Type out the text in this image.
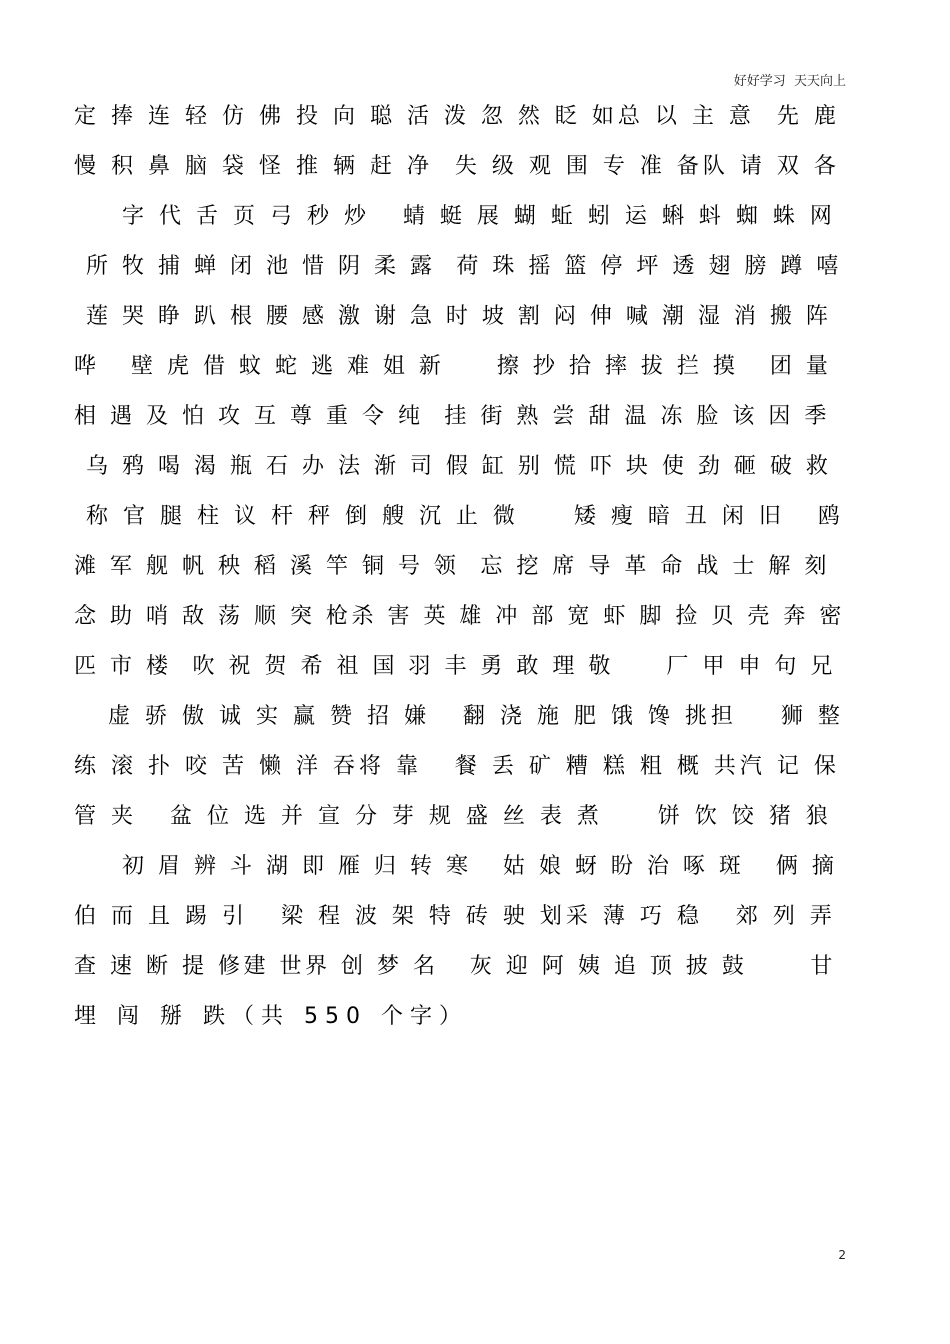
好好学习  天天向上
定 捧 连 轻 仿 佛 投 向 聪 活 泼 忽 然 眨 如总 以 主 意  先 鹿
慢 积 鼻 脑 袋 怪 推 辆 赶 净  失 级 观 围 专 准 备队 请 双 各
字 代 舌 页 弓 秒 炒   蜻 蜓 展 蝴 蚯 蚓 运 蝌 蚪 蜘 蛛 网
所 牧 捕 蝉 闭 池 惜 阴 柔 露  荷 珠 摇 篮 停 坪 透 翅 膀 蹲 嘻
莲 哭 睁 趴 根 腰 感 激 谢 急 时 坡 割 闷 伸 喊 潮 湿 消 搬 阵
哗   壁 虎 借 蚊 蛇 逃 难 姐 新     擦 抄 拾 摔 拔 拦 摸   团 量
相 遇 及 怕 攻 互 尊 重 令 纯  挂 街 熟 尝 甜 温 冻 脸 该 因 季
乌 鸦 喝 渴 瓶 石 办 法 渐 司 假 缸 别 慌 吓 块 使 劲 砸 破 救
称 官 腿 柱 议 杆 秤 倒 艘 沉 止 微     矮 瘦 暗 丑 闲 旧   鸥
滩 军 舰 帆 秧 稻 溪 竿 铜 号 领  忘 挖 席 导 革 命 战 士 解 刻
念 助 哨 敌 荡 顺 突 枪杀 害 英 雄 冲 部 宽 虾 脚 捡 贝 壳 奔 密
匹 市 楼  吹 祝 贺 希 祖 国 羽 丰 勇 敢 理 敬     厂 甲 申 句 兄
虚 骄 傲 诚 实 赢 赞 招 嫌   翻 浇 施 肥 饿 馋 挑担    狮 整
练 滚 扑 咬 苦 懒 洋 吞将 靠   餐 丢 矿 糟 糕 粗 概 共汽 记 保
管 夹   盆 位 选 并 宣 分 芽 规 盛 丝 表 煮     饼 饮 饺 猪 狼
初 眉 辨 斗 湖 即 雁 归 转 寒   姑 娘 蚜 盼 治 啄 斑   俩 摘
伯 而 且 踢 引   梁 程 波 架 特 砖 驶 划采 薄 巧 稳   郊 列 弄
查 速 断 提 修建 世界 创 梦 名   灰 迎 阿 姨 追 顶 披 鼓      甘
埋 闯 掰 跌（共 550 个字）
2
